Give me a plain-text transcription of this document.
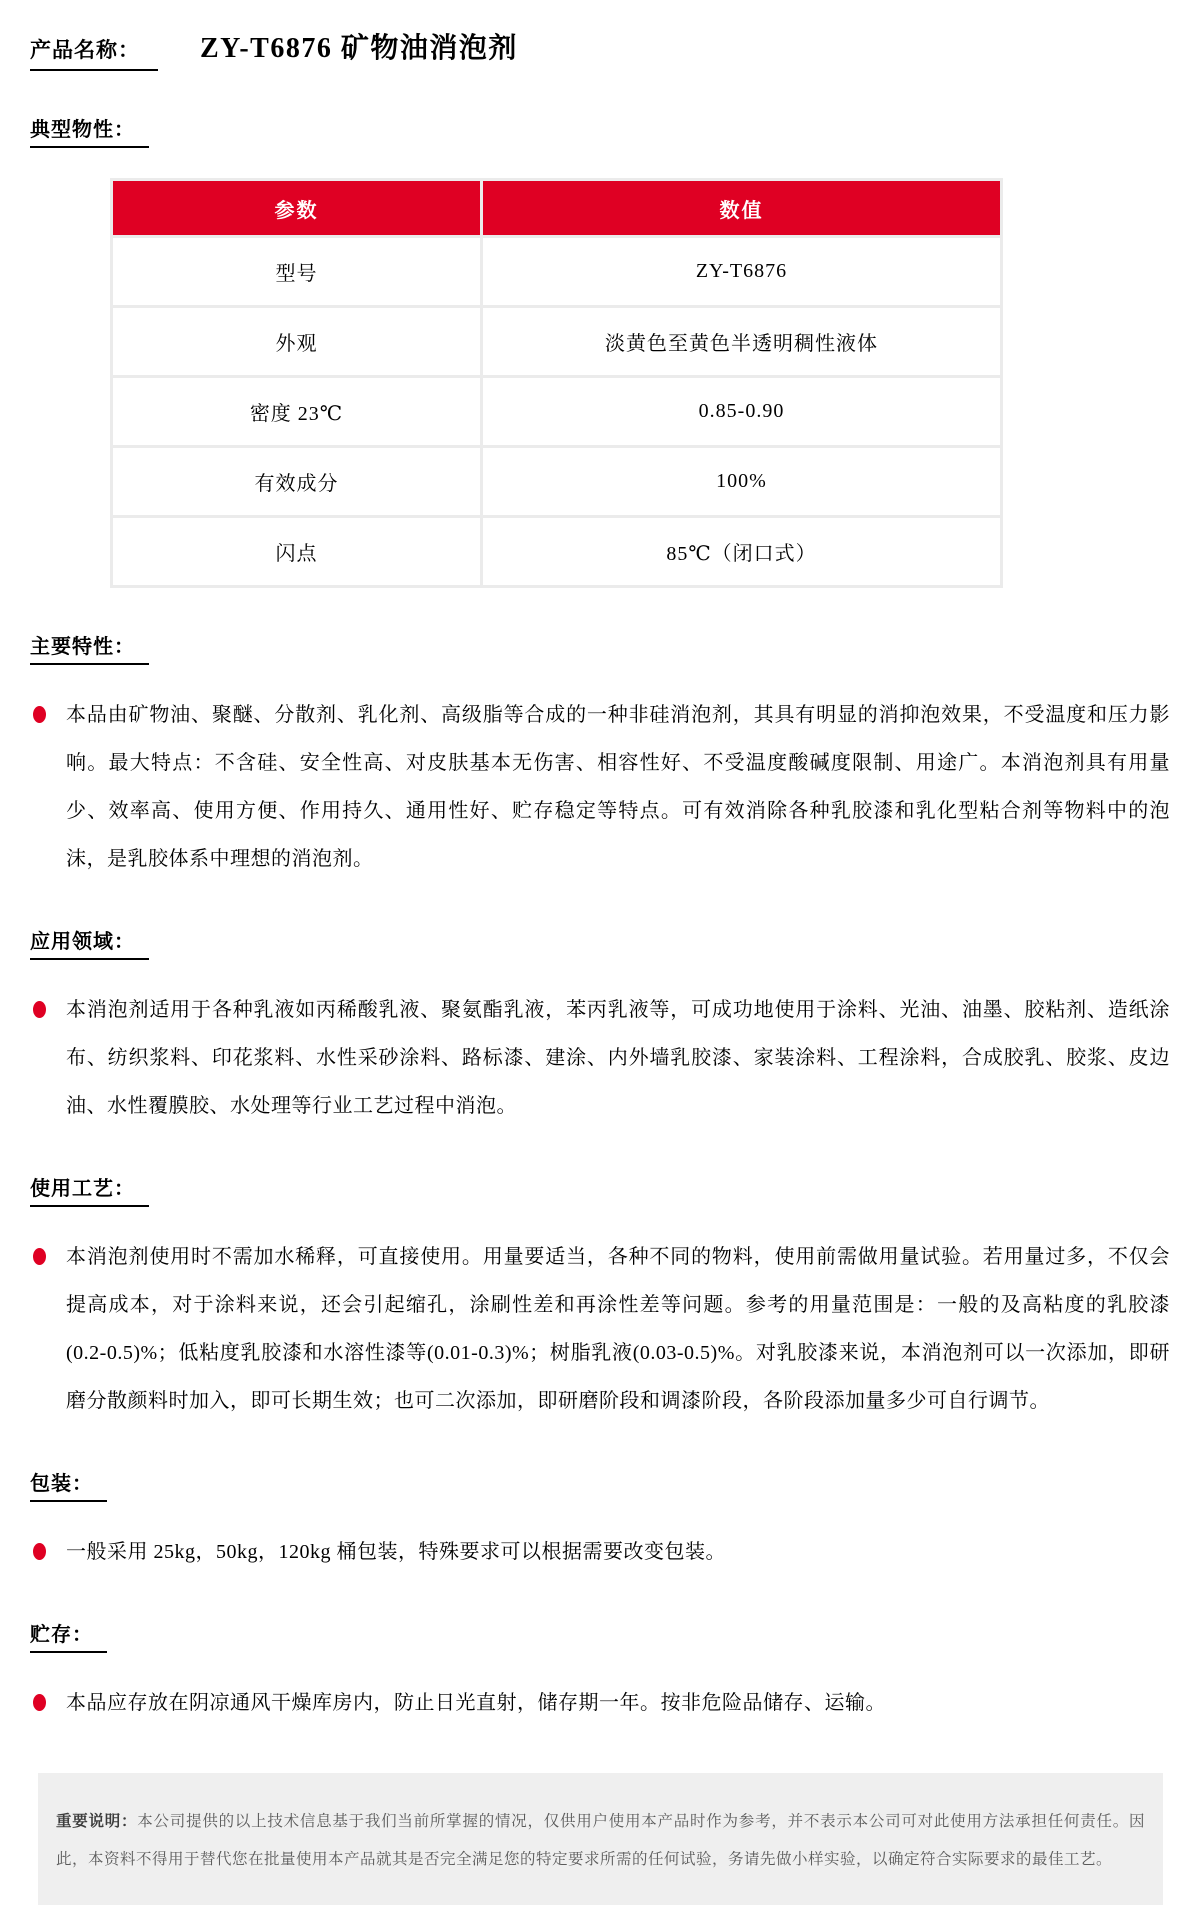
产品名称：	ZY-T6876 矿物油消泡剂
典型物性：
参数	数值
型号	ZY-T6876
外观	淡黄色至黄色半透明稠性液体
密度 23℃	0.85-0.90
有效成分	100%
闪点	85℃（闭口式）
主要特性：
本品由矿物油、聚醚、分散剂、乳化剂、高级脂等合成的一种非硅消泡剂，其具有明显的消抑泡效果，不受温度和压力影响。最大特点：不含硅、安全性高、对皮肤基本无伤害、相容性好、不受温度酸碱度限制、用途广。本消泡剂具有用量少、效率高、使用方便、作用持久、通用性好、贮存稳定等特点。可有效消除各种乳胶漆和乳化型粘合剂等物料中的泡沫，是乳胶体系中理想的消泡剂。
应用领域：
本消泡剂适用于各种乳液如丙稀酸乳液、聚氨酯乳液，苯丙乳液等，可成功地使用于涂料、光油、油墨、胶粘剂、造纸涂布、纺织浆料、印花浆料、水性采砂涂料、路标漆、建涂、内外墙乳胶漆、家装涂料、工程涂料，合成胶乳、胶浆、皮边油、水性覆膜胶、水处理等行业工艺过程中消泡。
使用工艺：
本消泡剂使用时不需加水稀释，可直接使用。用量要适当，各种不同的物料，使用前需做用量试验。若用量过多，不仅会提高成本，对于涂料来说，还会引起缩孔，涂刷性差和再涂性差等问题。参考的用量范围是：一般的及高粘度的乳胶漆(0.2-0.5)%；低粘度乳胶漆和水溶性漆等(0.01-0.3)%；树脂乳液(0.03-0.5)%。对乳胶漆来说，本消泡剂可以一次添加，即研磨分散颜料时加入，即可长期生效；也可二次添加，即研磨阶段和调漆阶段，各阶段添加量多少可自行调节。
包装：
一般采用 25kg，50kg，120kg 桶包装，特殊要求可以根据需要改变包装。
贮存：
本品应存放在阴凉通风干燥库房内，防止日光直射，储存期一年。按非危险品储存、运输。
重要说明：本公司提供的以上技术信息基于我们当前所掌握的情况，仅供用户使用本产品时作为参考，并不表示本公司可对此使用方法承担任何责任。因此，本资料不得用于替代您在批量使用本产品就其是否完全满足您的特定要求所需的任何试验，务请先做小样实验，以确定符合实际要求的最佳工艺。
